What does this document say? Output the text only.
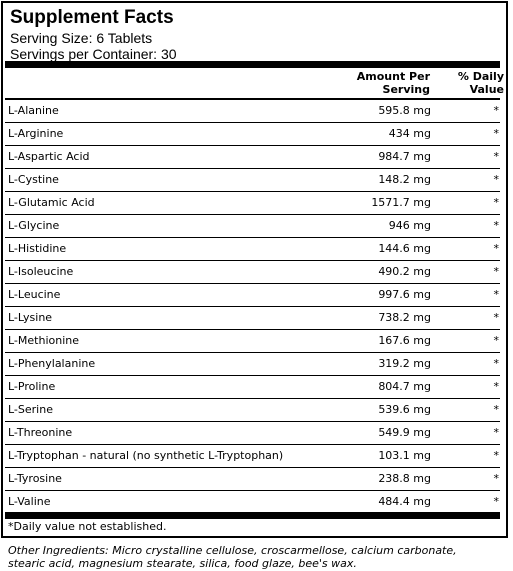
Supplement Facts
Serving Size: 6 Tablets
Servings per Container: 30
Amount Per
Serving
% Daily
Value
L-Alanine	595.8 mg	*
L-Arginine	434 mg	*
L-Aspartic Acid	984.7 mg	*
L-Cystine	148.2 mg	*
L-Glutamic Acid	1571.7 mg	*
L-Glycine	946 mg	*
L-Histidine	144.6 mg	*
L-Isoleucine	490.2 mg	*
L-Leucine	997.6 mg	*
L-Lysine	738.2 mg	*
L-Methionine	167.6 mg	*
L-Phenylalanine	319.2 mg	*
L-Proline	804.7 mg	*
L-Serine	539.6 mg	*
L-Threonine	549.9 mg	*
L-Tryptophan - natural (no synthetic L-Tryptophan)	103.1 mg	*
L-Tyrosine	238.8 mg	*
L-Valine	484.4 mg	*
*Daily value not established.
Other Ingredients: Micro crystalline cellulose, croscarmellose, calcium carbonate,
stearic acid, magnesium stearate, silica, food glaze, bee's wax.
